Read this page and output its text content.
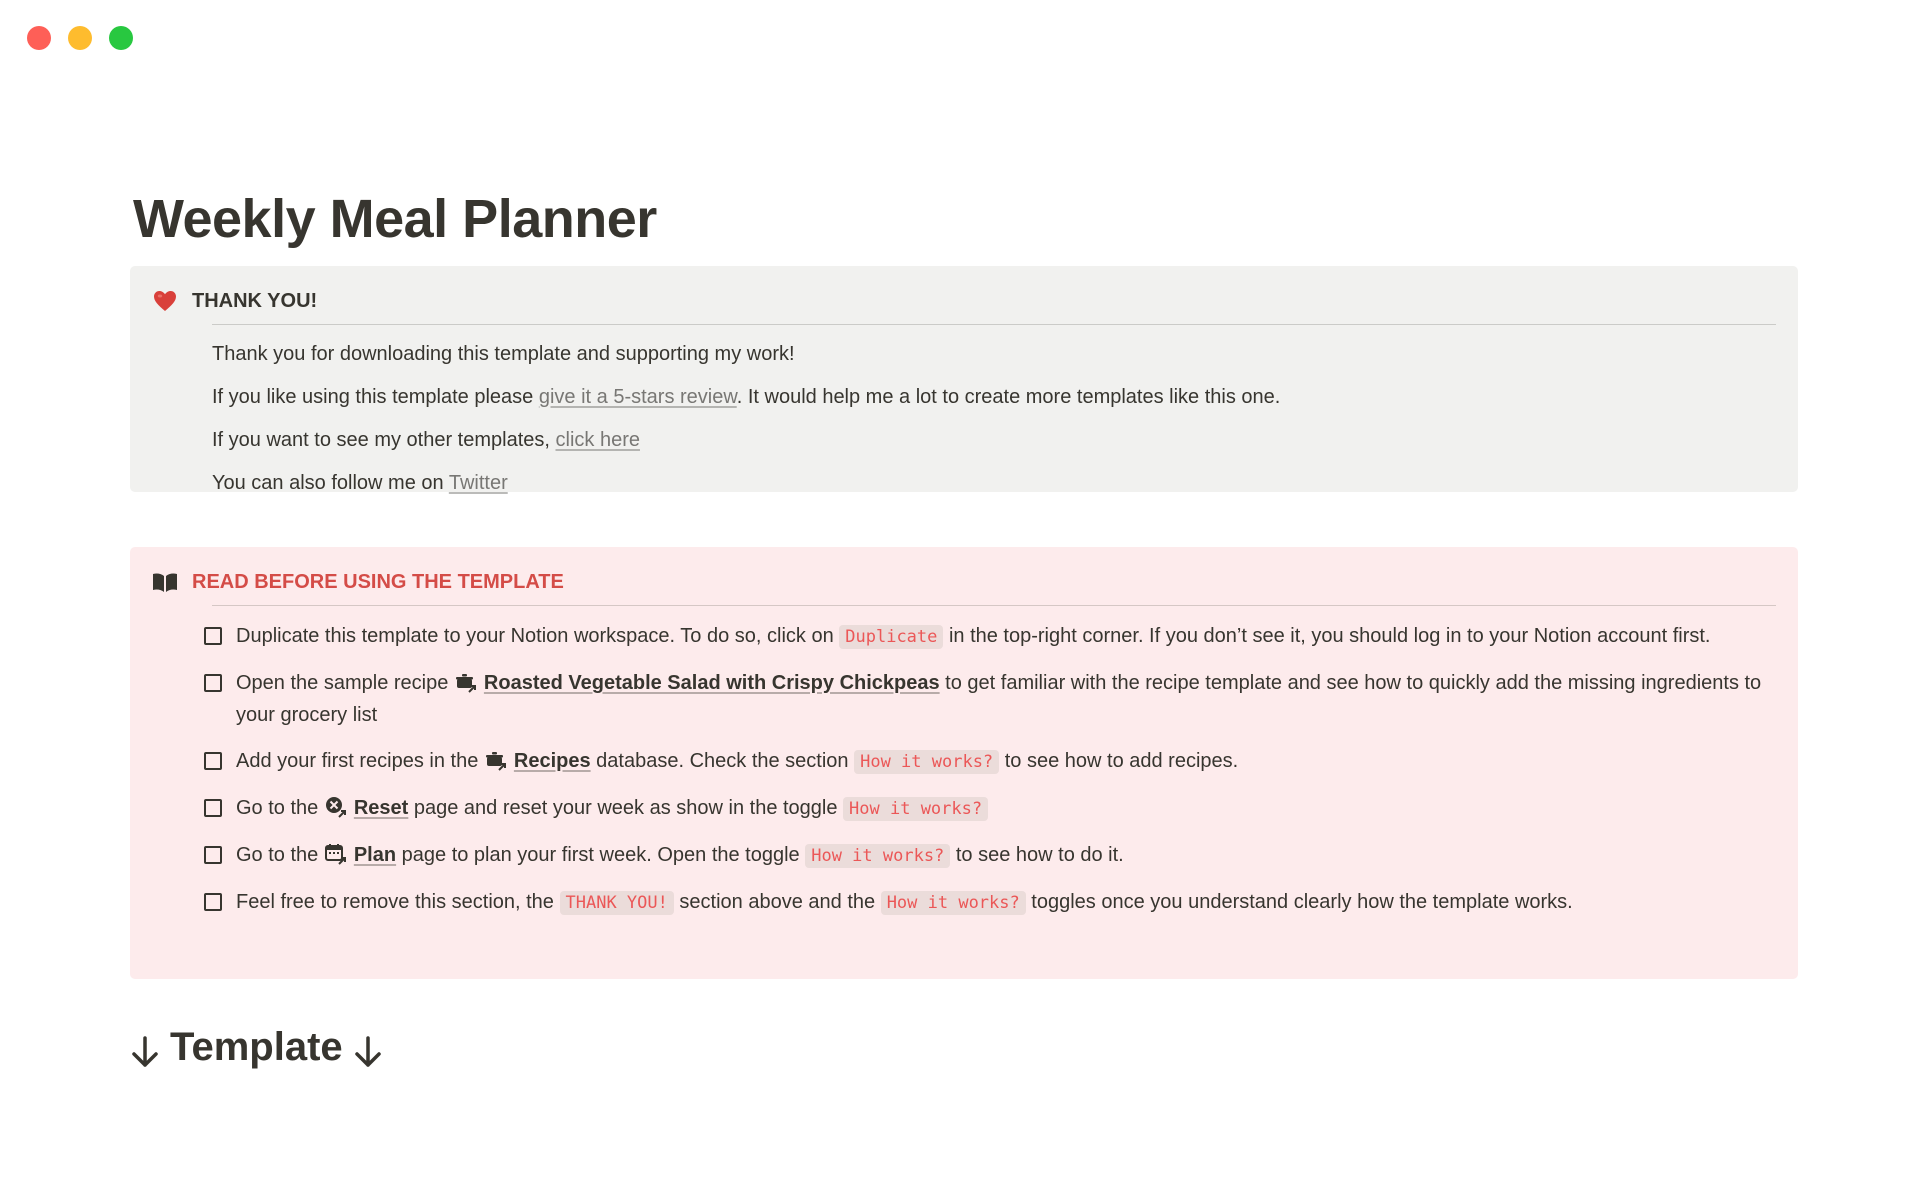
Weekly Meal Planner
THANK YOU!

Thank you for downloading this template and supporting my work!

If you like using this template please give it a 5-stars review. It would help me a lot to create more templates like this one.

If you want to see my other templates, click here

You can also follow me on Twitter

READ BEFORE USING THE TEMPLATE
Duplicate this template to your Notion workspace. To do so, click on Duplicate in the top-right corner. If you don’t see it, you should log in to your Notion account first.
Open the sample recipe Roasted Vegetable Salad with Crispy Chickpeas to get familiar with the recipe template and see how to quickly add the missing ingredients to your grocery list
Add your first recipes in the Recipes database. Check the section How it works? to see how to add recipes.
Go to the Reset page and reset your week as show in the toggle How it works?
Go to the Plan page to plan your first week. Open the toggle How it works? to see how to do it.
Feel free to remove this section, the THANK YOU! section above and the How it works? toggles once you understand clearly how the template works.
Template
